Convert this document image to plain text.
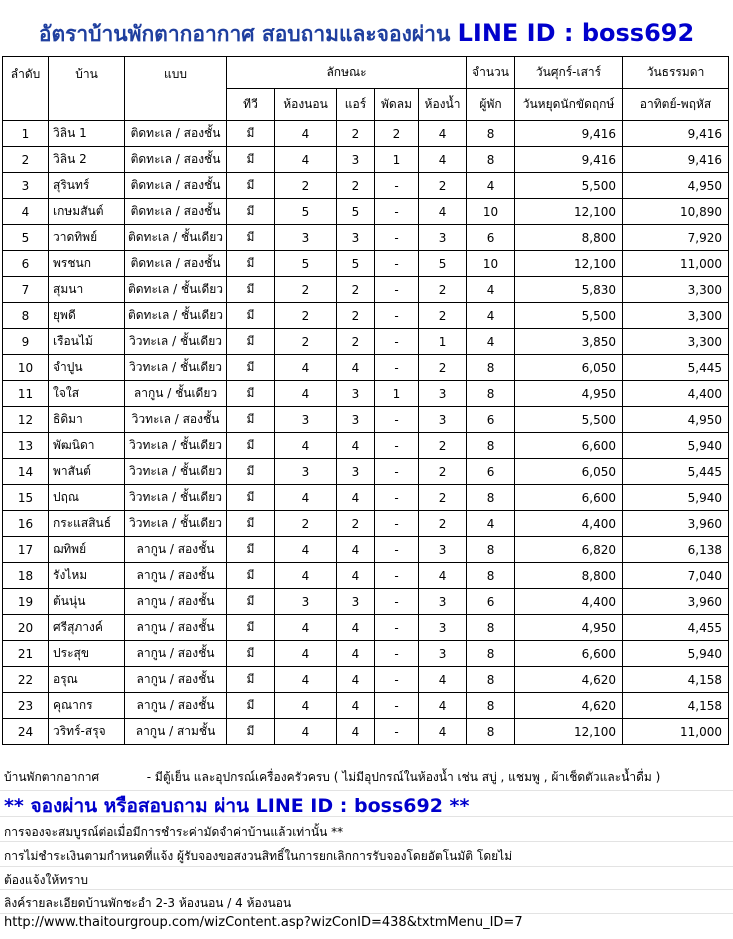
อัตราบ้านพักตากอากาศ สอบถามและจองผ่าน LINE ID : boss692
ลำดับ	บ้าน	แบบ	ลักษณะ					จำนวน	วันศุกร์-เสาร์	วันธรรมดา
			ทีวี	ห้องนอน	แอร์	พัดลม	ห้องน้ำ	ผู้พัก	วันหยุดนักขัดฤกษ์	อาทิตย์-พฤหัส
1	วิลิน 1	ติดทะเล / สองชั้น	มี	4	2	2	4	8	9,416	9,416
2	วิลิน 2	ติดทะเล / สองชั้น	มี	4	3	1	4	8	9,416	9,416
3	สุรินทร์	ติดทะเล / สองชั้น	มี	2	2	-	2	4	5,500	4,950
4	เกษมสันต์	ติดทะเล / สองชั้น	มี	5	5	-	4	10	12,100	10,890
5	วาดทิพย์	ติดทะเล / ชั้นเดียว	มี	3	3	-	3	6	8,800	7,920
6	พรชนก	ติดทะเล / สองชั้น	มี	5	5	-	5	10	12,100	11,000
7	สุมนา	ติดทะเล / ชั้นเดียว	มี	2	2	-	2	4	5,830	3,300
8	ยุพดี	ติดทะเล / ชั้นเดียว	มี	2	2	-	2	4	5,500	3,300
9	เรือนไม้	วิวทะเล / ชั้นเดียว	มี	2	2	-	1	4	3,850	3,300
10	จำปูน	วิวทะเล / ชั้นเดียว	มี	4	4	-	2	8	6,050	5,445
11	ใจใส	ลากูน / ชั้นเดียว	มี	4	3	1	3	8	4,950	4,400
12	ธิดิมา	วิวทะเล / สองชั้น	มี	3	3	-	3	6	5,500	4,950
13	พัฒนิดา	วิวทะเล / ชั้นเดียว	มี	4	4	-	2	8	6,600	5,940
14	พาสันต์	วิวทะเล / ชั้นเดียว	มี	3	3	-	2	6	6,050	5,445
15	ปฤณ	วิวทะเล / ชั้นเดียว	มี	4	4	-	2	8	6,600	5,940
16	กระแสสินธ์	วิวทะเล / ชั้นเดียว	มี	2	2	-	2	4	4,400	3,960
17	ฌทิพย์	ลากูน / สองชั้น	มี	4	4	-	3	8	6,820	6,138
18	รังไหม	ลากูน / สองชั้น	มี	4	4	-	4	8	8,800	7,040
19	ต้นนุ่น	ลากูน / สองชั้น	มี	3	3	-	3	6	4,400	3,960
20	ศรีสุภางค์	ลากูน / สองชั้น	มี	4	4	-	3	8	4,950	4,455
21	ประสุข	ลากูน / สองชั้น	มี	4	4	-	3	8	6,600	5,940
22	อรุณ	ลากูน / สองชั้น	มี	4	4	-	4	8	4,620	4,158
23	คุณากร	ลากูน / สองชั้น	มี	4	4	-	4	8	4,620	4,158
24	วริทร์-สรุจ	ลากูน / สามชั้น	มี	4	4	-	4	8	12,100	11,000
บ้านพักตากอากาศ	- มีตู้เย็น และอุปกรณ์เครื่องครัวครบ ( ไม่มีอุปกรณ์ในห้องน้ำ เช่น สบู่ , แชมพู , ผ้าเช็ดตัวและน้ำดื่ม )
** จองผ่าน หรือสอบถาม ผ่าน LINE ID : boss692 **
การจองจะสมบูรณ์ต่อเมื่อมีการชำระค่ามัดจำค่าบ้านแล้วเท่านั้น **
การไม่ชำระเงินตามกำหนดที่แจ้ง ผู้รับจองขอสงวนสิทธิ์ในการยกเลิกการรับจองโดยอัตโนมัติ โดยไม่
ต้องแจ้งให้ทราบ
ลิงค์รายละเอียดบ้านพักชะอำ 2-3 ห้องนอน / 4 ห้องนอน
http://www.thaitourgroup.com/wizContent.asp?wizConID=438&txtmMenu_ID=7
